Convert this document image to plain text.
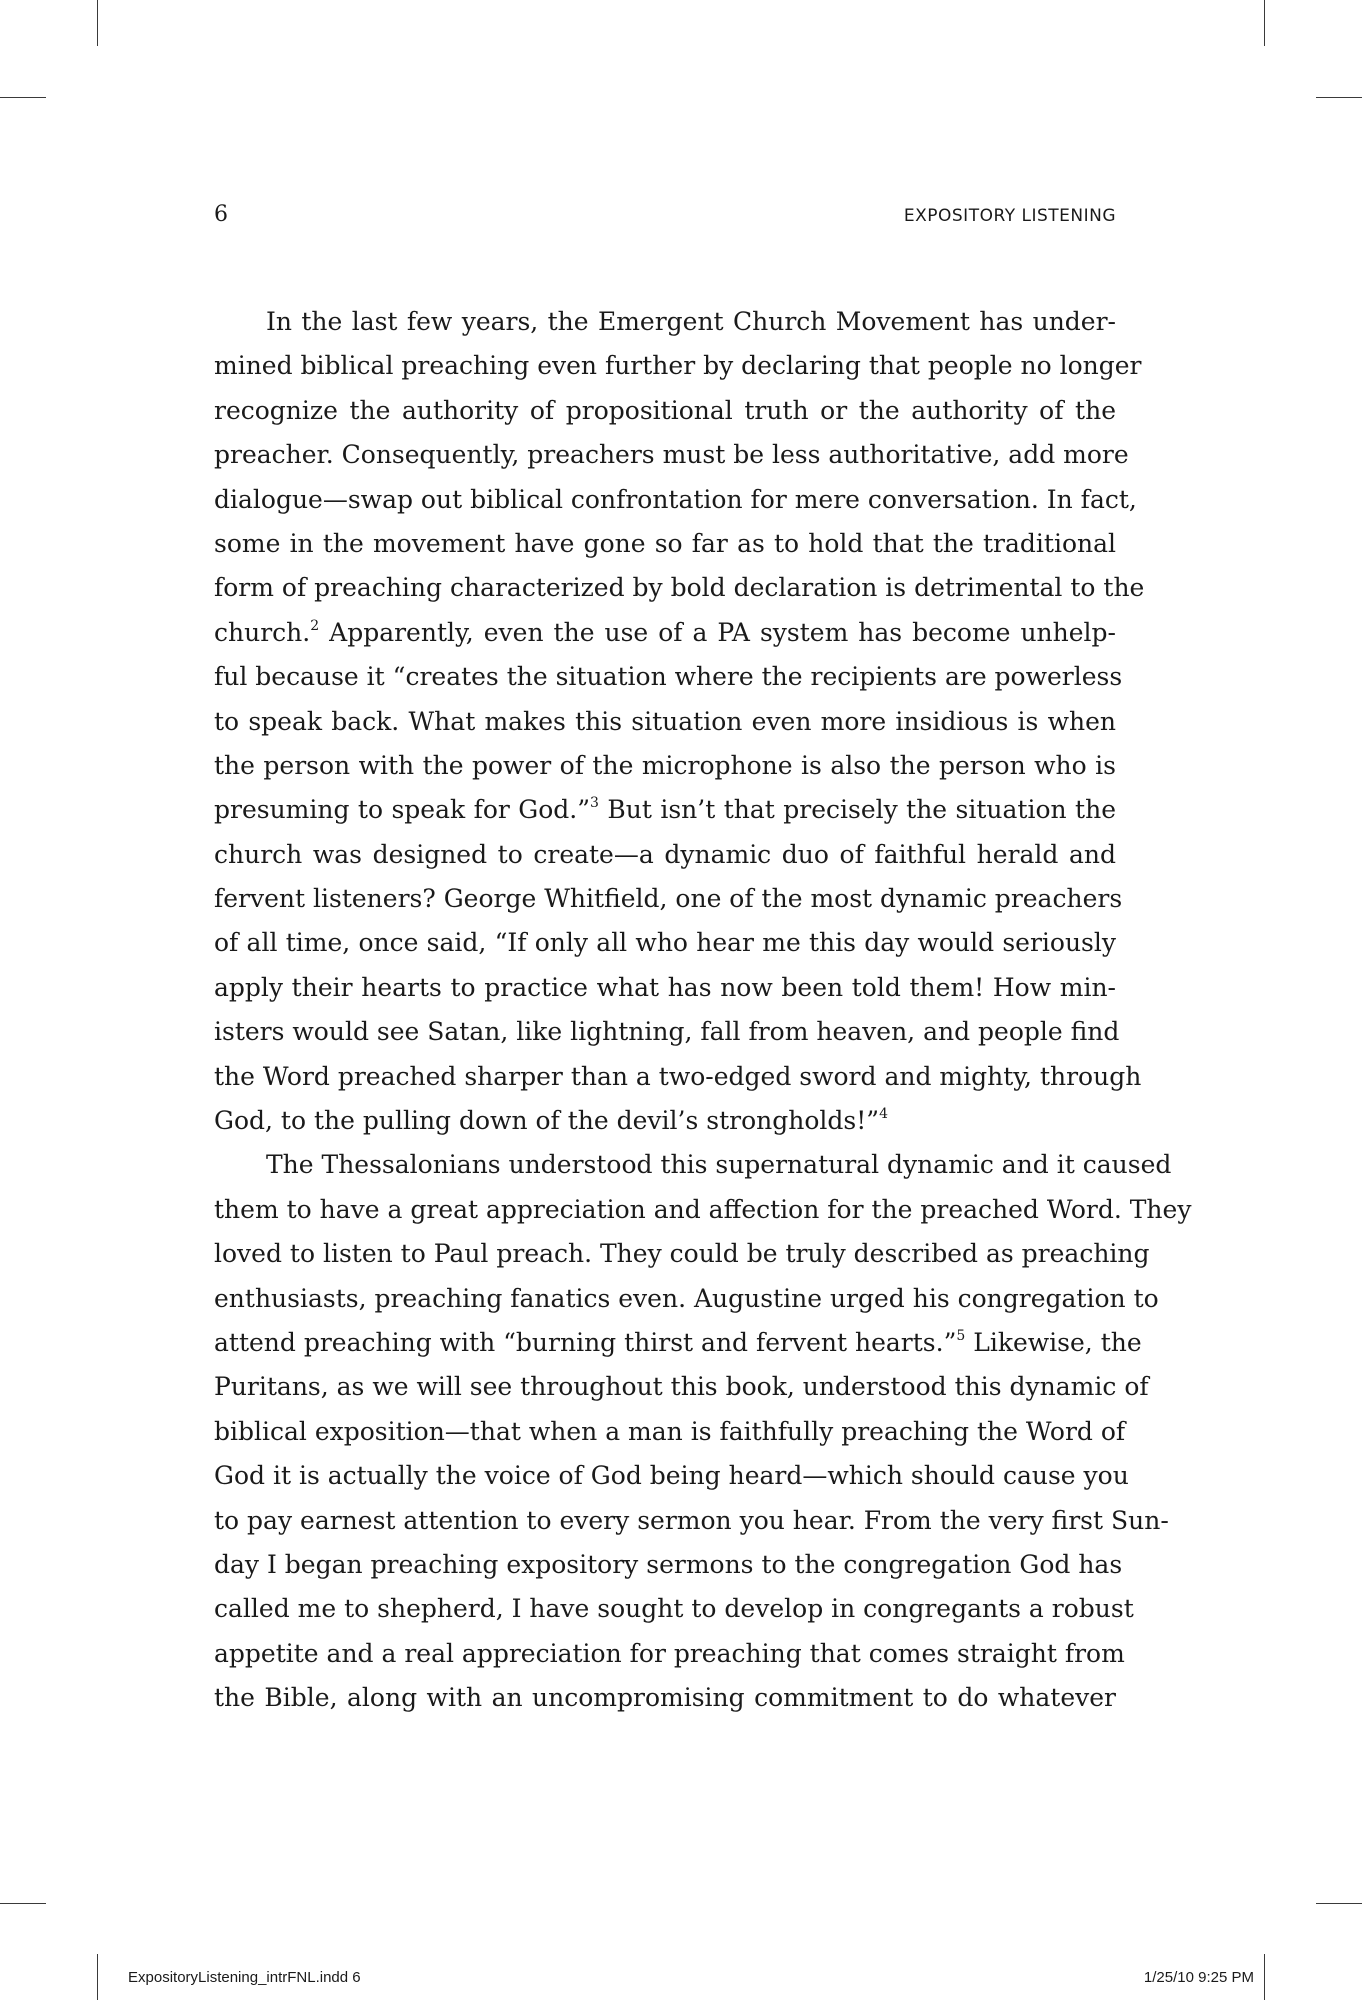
6	EXPOSITORY LISTENING
In the last few years, the Emergent Church Movement has under-
mined biblical preaching even further by declaring that people no longer
recognize the authority of propositional truth or the authority of the
preacher. Consequently, preachers must be less authoritative, add more
dialogue—swap out biblical confrontation for mere conversation. In fact,
some in the movement have gone so far as to hold that the traditional
form of preaching characterized by bold declaration is detrimental to the
church.$^2$ Apparently, even the use of a PA system has become unhelp-
ful because it “creates the situation where the recipients are powerless
to speak back. What makes this situation even more insidious is when
the person with the power of the microphone is also the person who is
presuming to speak for God.”$^3$ But isn’t that precisely the situation the
church was designed to create—a dynamic duo of faithful herald and
fervent listeners? George Whitfield, one of the most dynamic preachers
of all time, once said, “If only all who hear me this day would seriously
apply their hearts to practice what has now been told them! How min-
isters would see Satan, like lightning, fall from heaven, and people find
the Word preached sharper than a two-edged sword and mighty, through
God, to the pulling down of the devil’s strongholds!”$^4$
The Thessalonians understood this supernatural dynamic and it caused
them to have a great appreciation and affection for the preached Word. They
loved to listen to Paul preach. They could be truly described as preaching
enthusiasts, preaching fanatics even. Augustine urged his congregation to
attend preaching with “burning thirst and fervent hearts.”$^5$ Likewise, the
Puritans, as we will see throughout this book, understood this dynamic of
biblical exposition—that when a man is faithfully preaching the Word of
God it is actually the voice of God being heard—which should cause you
to pay earnest attention to every sermon you hear. From the very first Sun-
day I began preaching expository sermons to the congregation God has
called me to shepherd, I have sought to develop in congregants a robust
appetite and a real appreciation for preaching that comes straight from
the Bible, along with an uncompromising commitment to do whatever
ExpositoryListening_intrFNL.indd 6	1/25/10 9:25 PM
